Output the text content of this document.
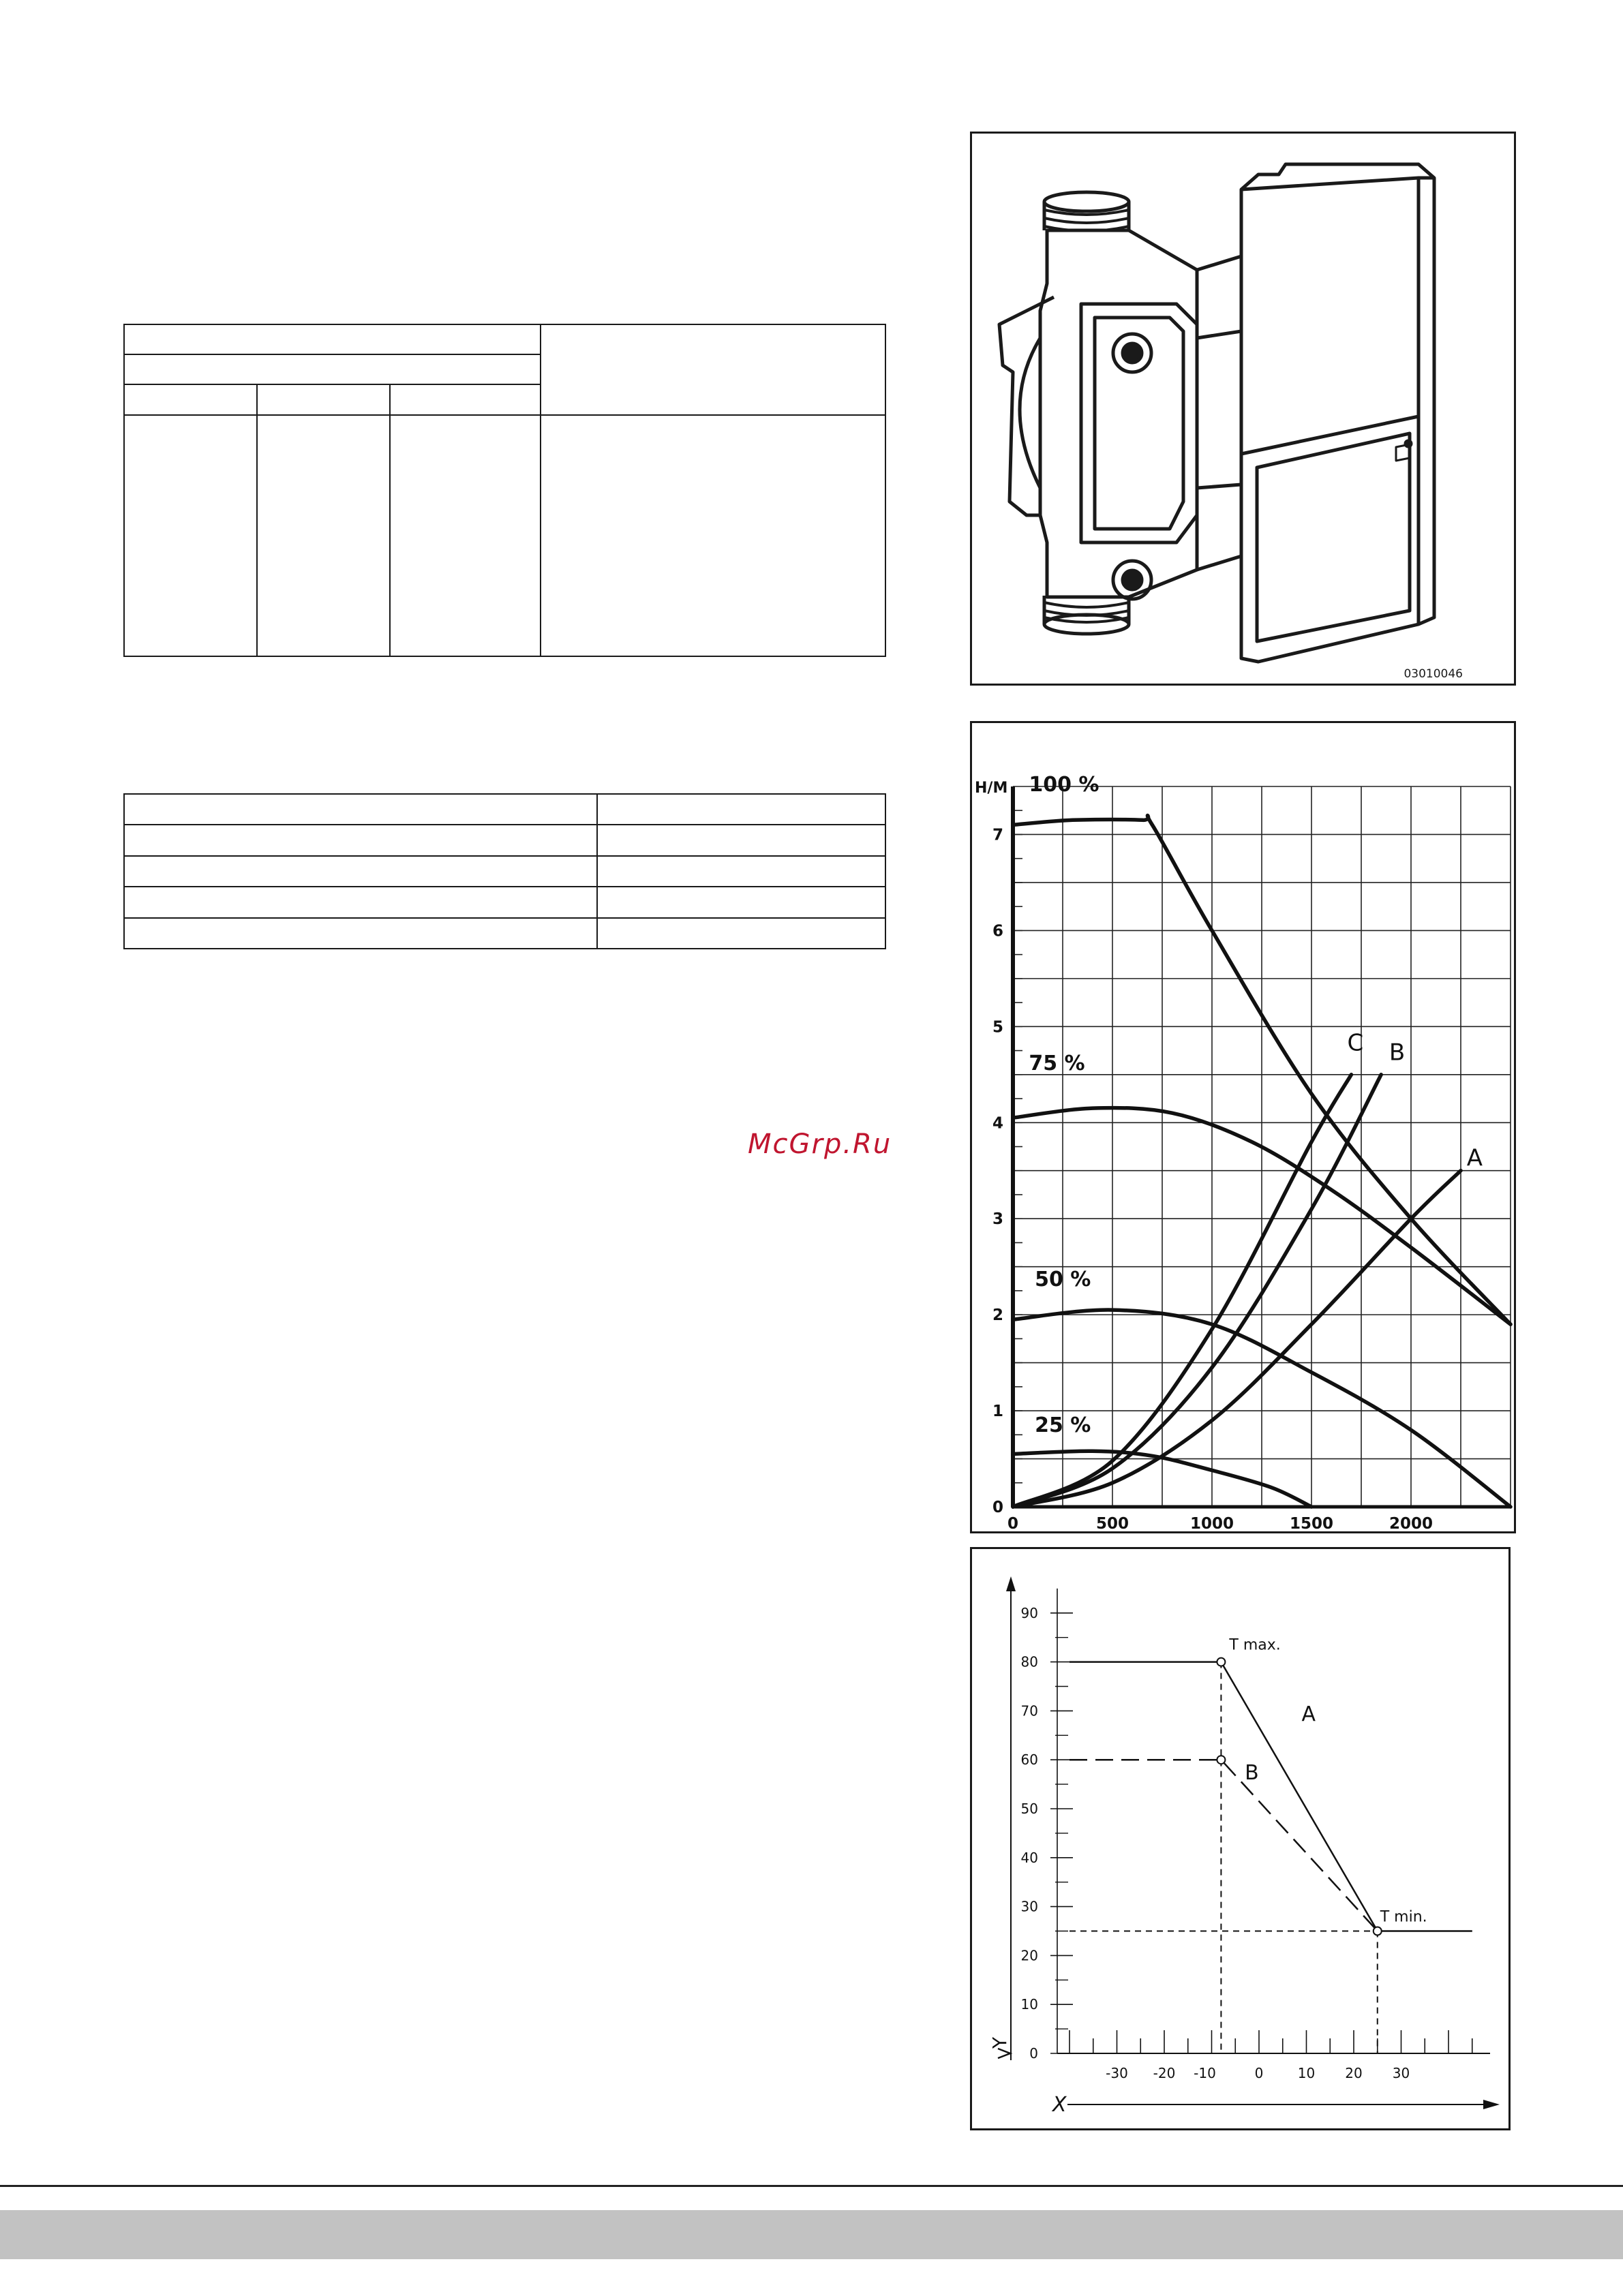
McGrp.Ru
03010046
H/M
0
1
2
3
4
5
6
7
0	500	1000	1500	2000
100 %
75 %
50 %
25 %
A
B
C
0
10
20
30
40
50
60
70
80
90
-30 -20 -10	0	10 20 30
X
Y
T max.
T min.
A
B
